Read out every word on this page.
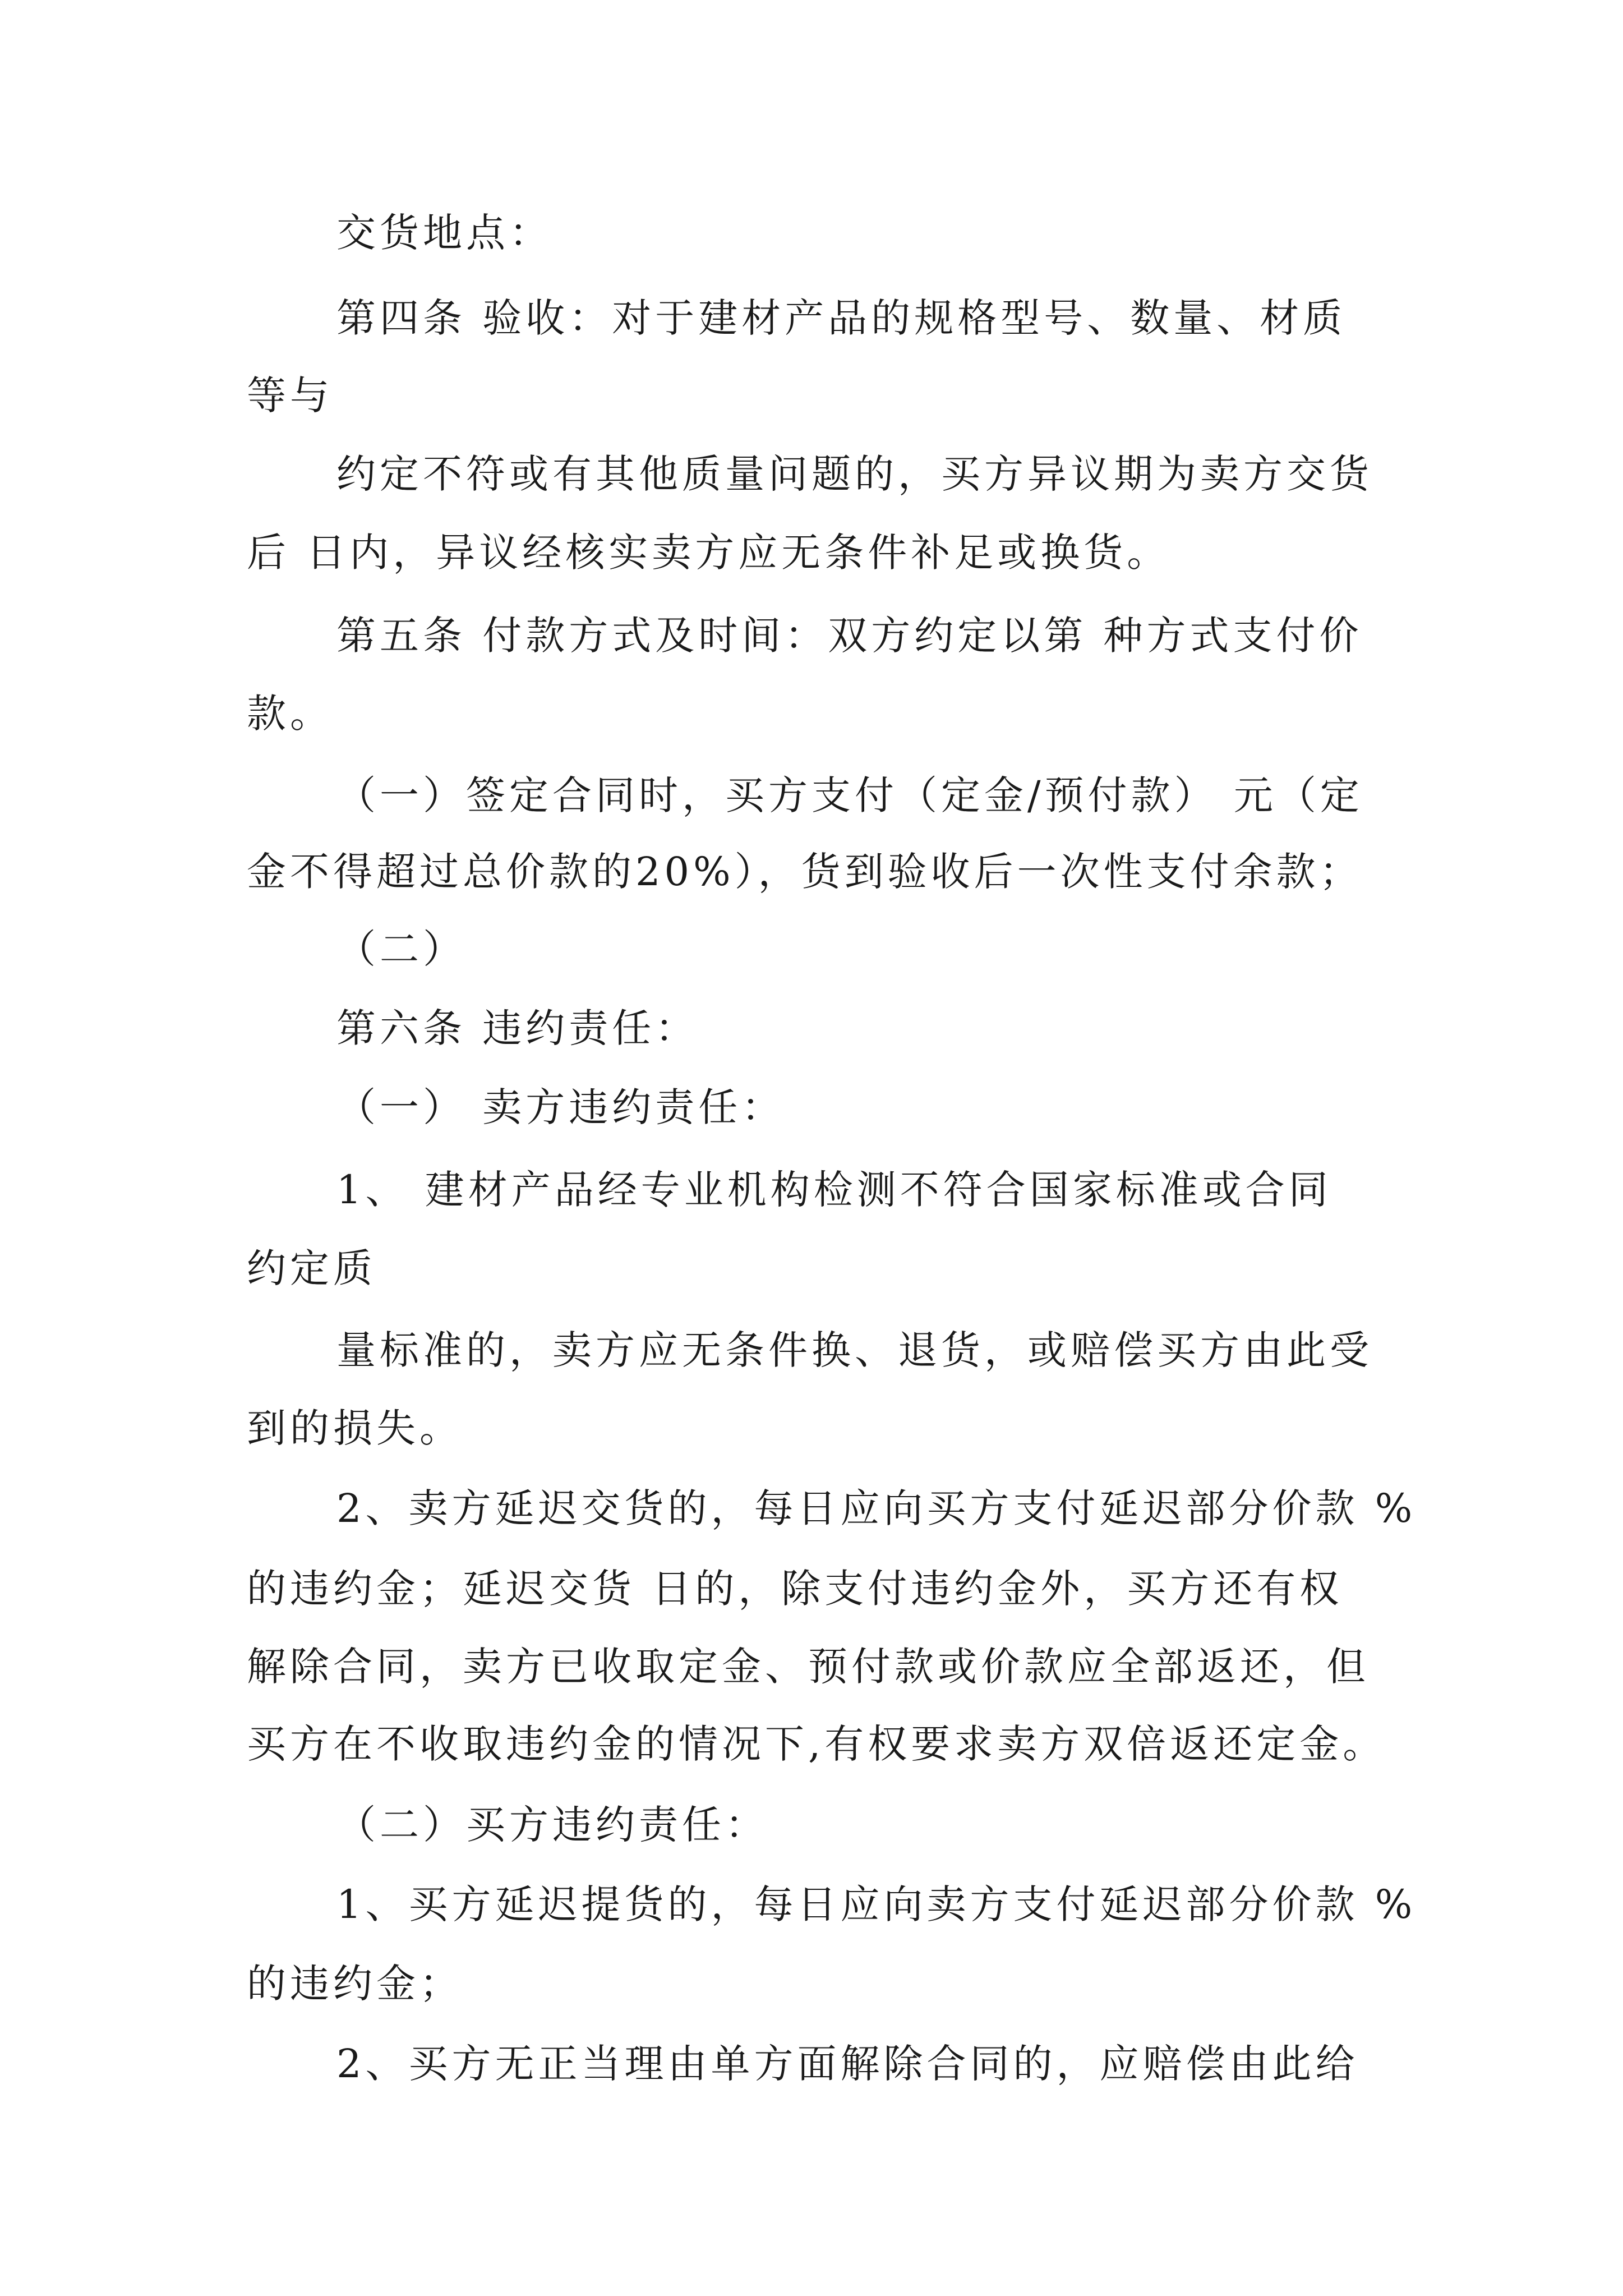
交货地点：
第四条 验收：对于建材产品的规格型号、数量、材质
等与
约定不符或有其他质量问题的，买方异议期为卖方交货
后 日内，异议经核实卖方应无条件补足或换货。
第五条 付款方式及时间：双方约定以第 种方式支付价
款。
（一）签定合同时，买方支付（定金/预付款） 元（定
金不得超过总价款的20%），货到验收后一次性支付余款；
（二）
第六条 违约责任：
（一） 卖方违约责任：
1、 建材产品经专业机构检测不符合国家标准或合同
约定质
量标准的，卖方应无条件换、退货，或赔偿买方由此受
到的损失。
2、卖方延迟交货的，每日应向买方支付延迟部分价款 %
的违约金；延迟交货 日的，除支付违约金外，买方还有权
解除合同，卖方已收取定金、预付款或价款应全部返还，但
买方在不收取违约金的情况下,有权要求卖方双倍返还定金。
（二）买方违约责任：
1、买方延迟提货的，每日应向卖方支付延迟部分价款 %
的违约金；
2、买方无正当理由单方面解除合同的，应赔偿由此给
